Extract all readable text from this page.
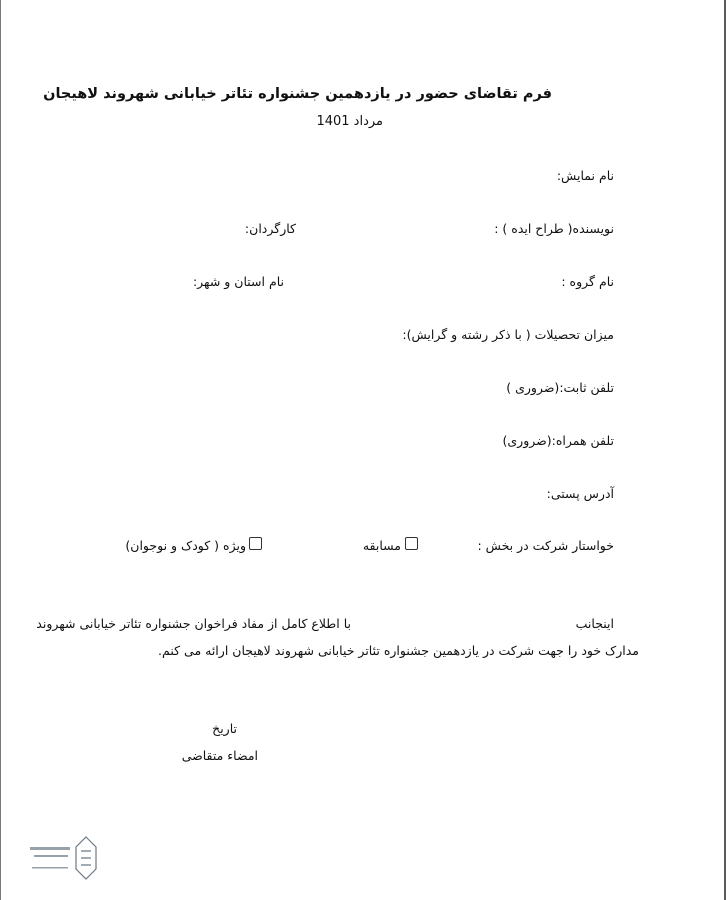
فرم تقاضای حضور در یازدهمین جشنواره تئاتر خیابانی شهروند لاهیجان
مرداد 1401
نام نمایش:
نویسنده( طراح ایده ) :
کارگردان:
نام گروه :
نام استان و شهر:
میزان تحصیلات ( با ذکر رشته و گرایش):
تلفن ثابت:(ضروری )
تلفن همراه:(ضروری)
آدرس پستی:
خواستار شرکت در بخش :
مسابقه
ویژه ( کودک و نوجوان)
اینجانب
با اطلاع کامل از مفاد فراخوان جشنواره تئاتر خیابانی شهروند
مدارک خود را جهت شرکت در یازدهمین جشنواره تئاتر خیابانی شهروند لاهیجان ارائه می کنم.
تاریخ
امضاء متقاضی
